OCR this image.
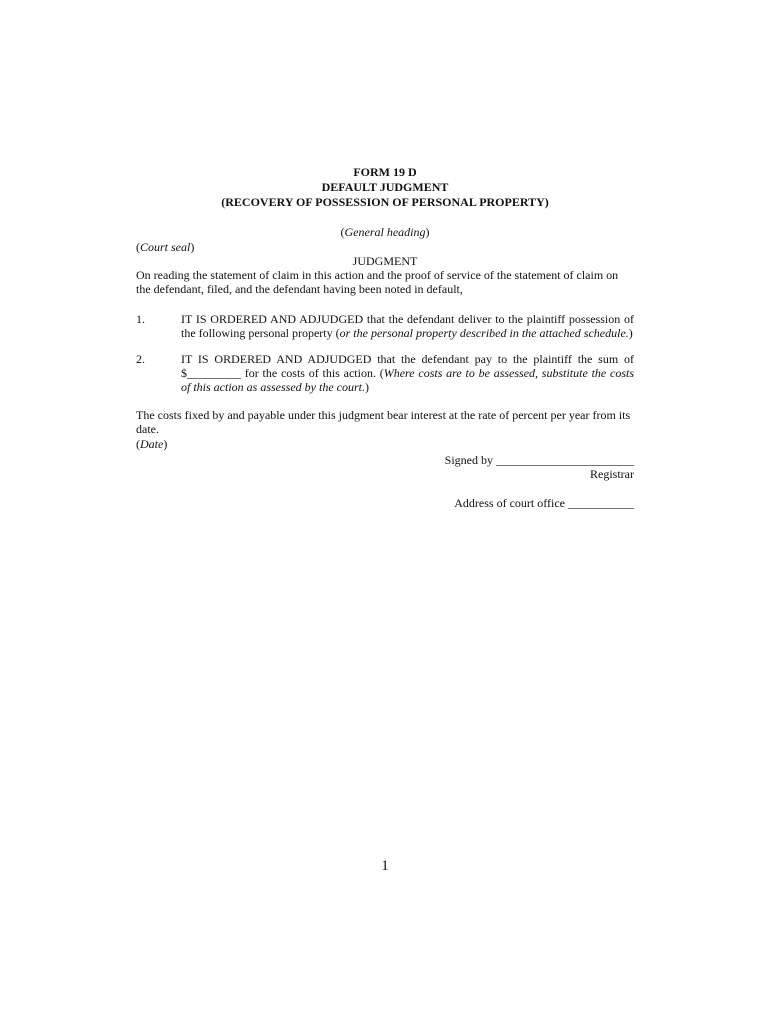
FORM 19 D
DEFAULT JUDGMENT
(RECOVERY OF POSSESSION OF PERSONAL PROPERTY)
(General heading)
(Court seal)
JUDGMENT
On reading the statement of claim in this action and the proof of service of the statement of claim on the defendant, filed, and the defendant having been noted in default,
1.	IT IS ORDERED AND ADJUDGED that the defendant deliver to the plaintiff possession of the following personal property (or the personal property described in the attached schedule.)
2.	IT IS ORDERED AND ADJUDGED that the defendant pay to the plaintiff the sum of $_________ for the costs of this action. (Where costs are to be assessed, substitute the costs of this action as assessed by the court.)
The costs fixed by and payable under this judgment bear interest at the rate of percent per year from its date.
(Date)
Signed by _______________________
Registrar
Address of court office ___________
1
